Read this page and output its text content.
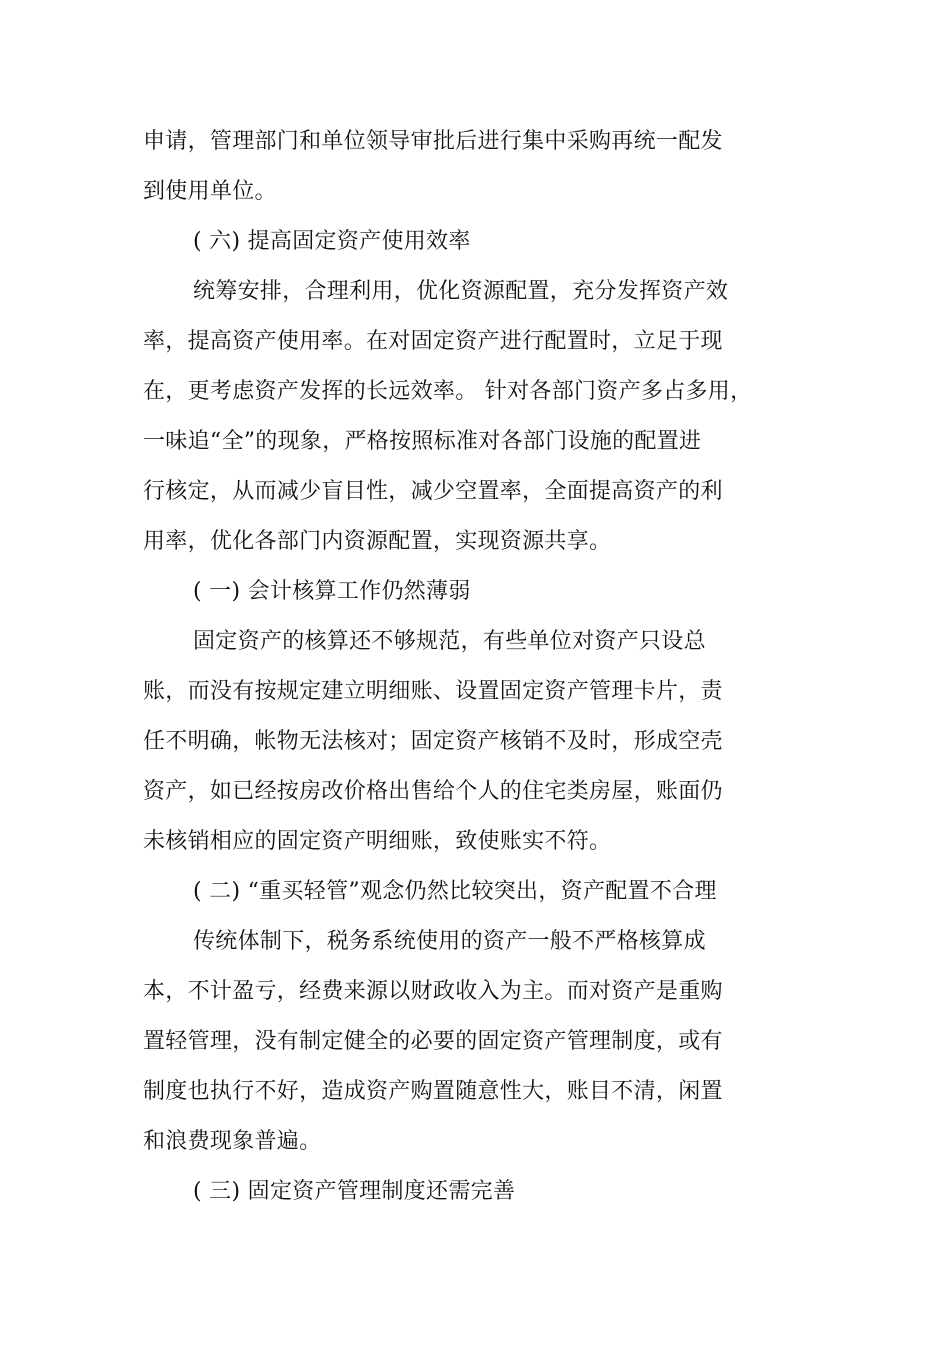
申请，管理部门和单位领导审批后进行集中采购再统一配发
到使用单位。
( 六) 提高固定资产使用效率
统筹安排，合理利用，优化资源配置，充分发挥资产效
率，提高资产使用率。在对固定资产进行配置时，立足于现
在，更考虑资产发挥的长远效率。 针对各部门资产多占多用，
一味追“全”的现象，严格按照标准对各部门设施的配置进
行核定，从而减少盲目性，减少空置率，全面提高资产的利
用率，优化各部门内资源配置，实现资源共享。
( 一) 会计核算工作仍然薄弱
固定资产的核算还不够规范，有些单位对资产只设总
账，而没有按规定建立明细账、设置固定资产管理卡片，责
任不明确，帐物无法核对；固定资产核销不及时，形成空壳
资产，如已经按房改价格出售给个人的住宅类房屋，账面仍
未核销相应的固定资产明细账，致使账实不符。
( 二) “重买轻管”观念仍然比较突出，资产配置不合理
传统体制下，税务系统使用的资产一般不严格核算成
本，不计盈亏，经费来源以财政收入为主。而对资产是重购
置轻管理，没有制定健全的必要的固定资产管理制度，或有
制度也执行不好，造成资产购置随意性大，账目不清，闲置
和浪费现象普遍。
( 三) 固定资产管理制度还需完善
